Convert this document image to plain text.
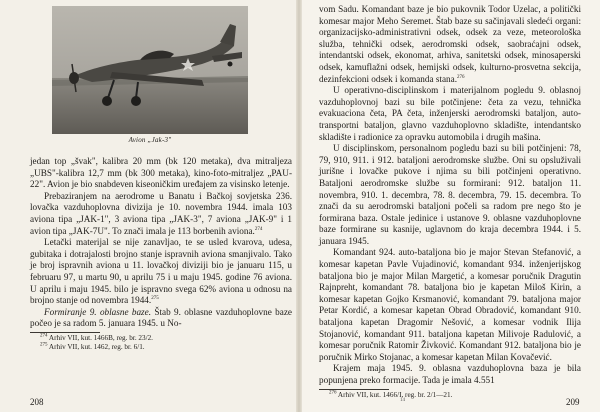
Avion „Jak-3"

jedan top „švak", kalibra 20 mm (bk 120 metaka), dva mitraljeza „UBS"-kalibra 12,7 mm (bk 300 metaka), kino-foto-mitraljez „PAU-22". Avion je bio snabdeven kiseoničkim uređajem za visinsko letenje.

Prebaziranjem na aerodrome u Banatu i Bačkoj sovjetska 236. lovačka vazduhoplovna divizija je 10. novembra 1944. imala 103 aviona tipa „JAK-1", 3 aviona tipa „JAK-3", 7 aviona „JAK-9" i 1 avion tipa „JAK-7U". To znači imala je 113 borbenih aviona.$^{274}$

Letački materijal se nije zanavljao, te se usled kvarova, udesa, gubitaka i dotrajalosti brojno stanje ispravnih aviona smanjivalo. Tako je broj ispravnih aviona u 11. lovačkoj diviziji bio je januaru 115, u februaru 97, u martu 90, u aprilu 75 i u maju 1945. godine 76 aviona. U aprilu i maju 1945. bilo je ispravno svega 62% aviona u odnosu na brojno stanje od novembra 1944.$^{275}$

Formiranje 9. oblasne baze. Štab 9. oblasne vazduhoplovne baze počeo je sa radom 5. januara 1945. u No-

$^{274}$ Arhiv VII, kut. 1466B, reg. br. 23/2.

$^{275}$ Arhiv VII, kut. 1462, reg. br. 6/1.

208

vom Sadu. Komandant baze je bio pukovnik Todor Uzelac, a politički komesar major Meho Seremet. Štab baze su sačinjavali sledeći organi: organizacijsko-administrativni odsek, odsek za veze, meteorološka služba, tehnički odsek, aerodromski odsek, saobraćajni odsek, intendantski odsek, ekonomat, arhiva, sanitetski odsek, minosaperski odsek, kamuflažni odsek, hemijski odsek, kulturno-prosvetna sekcija, dezinfekcioni odsek i komanda stana.$^{276}$

U operativno-disciplinskom i materijalnom pogledu 9. oblasnoj vazduhoplovnoj bazi su bile potčinjene: četa za vezu, tehnička evakuaciona četa, PA četa, inženjerski aerodromski bataljon, auto-transportni bataljon, glavno vazduhoplovno skladište, intendantsko skladište i radionice za opravku automobila i drugih mašina.

U disciplinskom, personalnom pogledu bazi su bili potčinjeni: 78, 79, 910, 911. i 912. bataljoni aerodromske službe. Oni su opsluživali jurišne i lovačke pukove i njima su bili potčinjeni operativno. Bataljoni aerodromske službe su formirani: 912. bataljon 11. novembra, 910. 1. decembra, 78. 8. decembra, 79. 15. decembra. To znači da su aerodromski bataljoni počeli sa radom pre nego što je formirana baza. Ostale jedinice i ustanove 9. oblasne vazduhoplovne baze formirane su kasnije, uglavnom do kraja decembra 1944. i 5. januara 1945.

Komandant 924. auto-bataljona bio je major Stevan Stefanović, a komesar kapetan Pavle Vujadinović, komandant 934. inženjerijskog bataljona bio je major Milan Margetić, a komesar poručnik Dragutin Rajnpreht, komandant 78. bataljona bio je kapetan Miloš Kirin, a komesar kapetan Gojko Krsmanović, komandant 79. bataljona major Petar Kordić, a komesar kapetan Obrad Obradović, komandant 910. bataljona kapetan Dragomir Nešović, a komesar vodnik Ilija Stojanović, komandant 911. bataljona kapetan Milivoje Radulović, a komesar poručnik Ratomir Živković. Komandant 912. bataljona bio je poručnik Mirko Stojanac, a komesar kapetan Milan Kovačević.

Krajem maja 1945. 9. oblasna vazduhoplovna baza je bila popunjena preko formacije. Tada je imala 4.551

$^{276}$ Arhiv VII, kut. 1466/I, reg. br. 2/1—21.

14	209
